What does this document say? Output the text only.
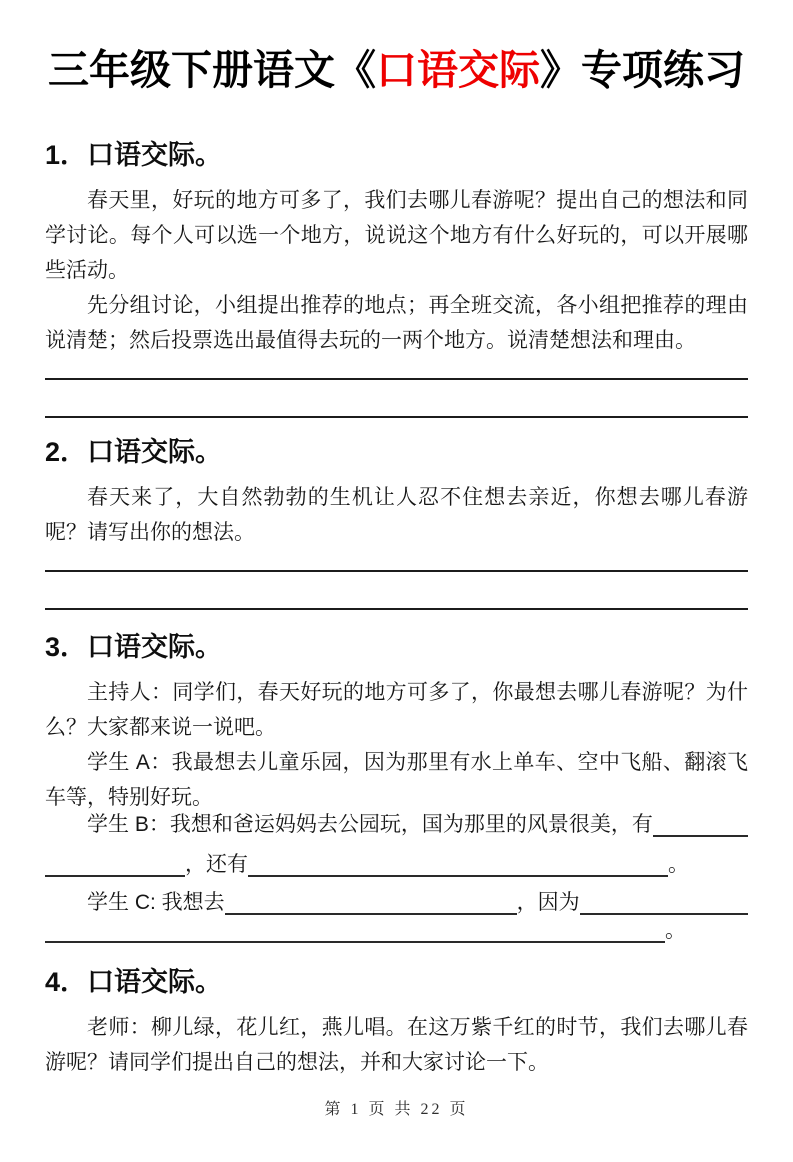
三年级下册语文《口语交际》专项练习
1．口语交际。

春天里，好玩的地方可多了，我们去哪儿春游呢？提出自己的想法和同学讨论。每个人可以选一个地方，说说这个地方有什么好玩的，可以开展哪些活动。

先分组讨论，小组提出推荐的地点；再全班交流，各小组把推荐的理由说清楚；然后投票选出最值得去玩的一两个地方。说清楚想法和理由。

2．口语交际。

春天来了，大自然勃勃的生机让人忍不住想去亲近，你想去哪儿春游呢？请写出你的想法。

3．口语交际。

主持人：同学们，春天好玩的地方可多了，你最想去哪儿春游呢？为什么？大家都来说一说吧。

学生 A：我最想去儿童乐园，因为那里有水上单车、空中飞船、翻滚飞车等，特别好玩。

学生 B：我想和爸运妈妈去公园玩，国为那里的风景很美，有
，还有	。
学生 C: 我想去	，因为
。
4．口语交际。

老师：柳儿绿，花儿红，燕儿唱。在这万紫千红的时节，我们去哪儿春游呢？请同学们提出自己的想法，并和大家讨论一下。

第 1 页 共 22 页
